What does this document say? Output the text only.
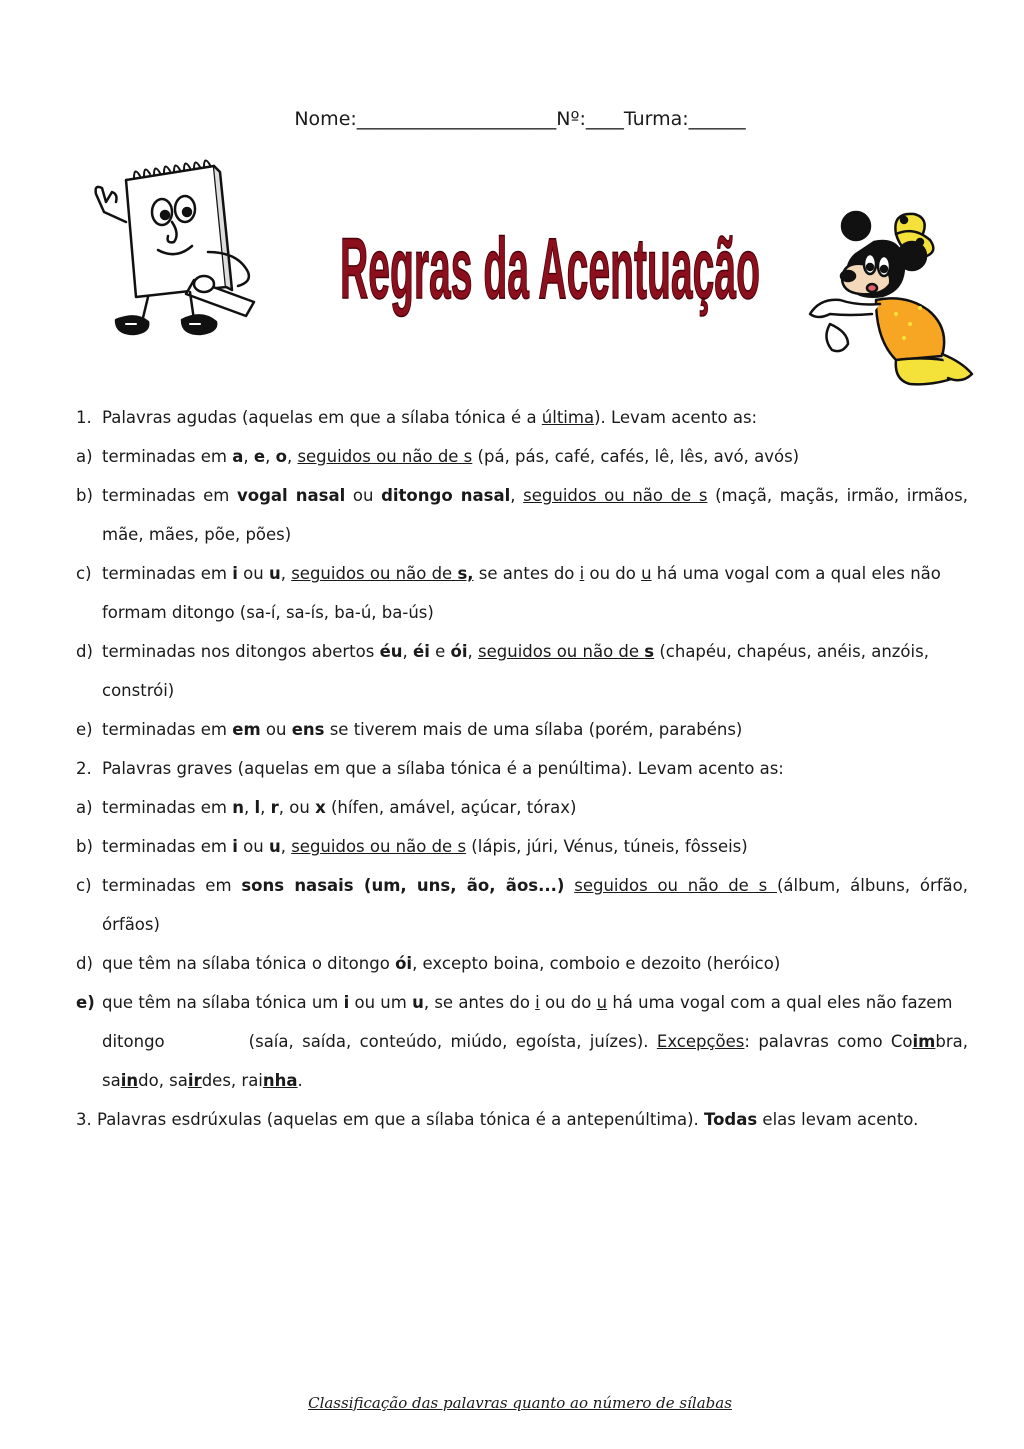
Nome:_____________________Nº:____Turma:______
Regras da Acentuação
1. Palavras agudas (aquelas em que a sílaba tónica é a última). Levam acento as:
a) terminadas em a, e, o, seguidos ou não de s (pá, pás, café, cafés, lê, lês, avó, avós)
b) terminadas em vogal nasal ou ditongo nasal, seguidos ou não de s (maçã, maçãs, irmão, irmãos,
mãe, mães, põe, pões)
c) terminadas em i ou u, seguidos ou não de s, se antes do i ou do u há uma vogal com a qual eles não
formam ditongo (sa-í, sa-ís, ba-ú, ba-ús)
d) terminadas nos ditongos abertos éu, éi e ói, seguidos ou não de s (chapéu, chapéus, anéis, anzóis,
constrói)
e) terminadas em em ou ens se tiverem mais de uma sílaba (porém, parabéns)
2. Palavras graves (aquelas em que a sílaba tónica é a penúltima). Levam acento as:
a) terminadas em n, l, r, ou x (hífen, amável, açúcar, tórax)
b) terminadas em i ou u, seguidos ou não de s (lápis, júri, Vénus, túneis, fôsseis)
c) terminadas em sons nasais (um, uns, ão, ãos...) seguidos ou não de s (álbum, álbuns, órfão,
órfãos)
d) que têm na sílaba tónica o ditongo ói, excepto boina, comboio e dezoito (heróico)
e) que têm na sílaba tónica um i ou um u, se antes do i ou do u há uma vogal com a qual eles não fazem
ditongo	(saía, saída, conteúdo, miúdo, egoísta, juízes). Excepções: palavras como Coimbra,
saindo, sairdes, rainha.
3. Palavras esdrúxulas (aquelas em que a sílaba tónica é a antepenúltima). Todas elas levam acento.
Classificação das palavras quanto ao número de sílabas
